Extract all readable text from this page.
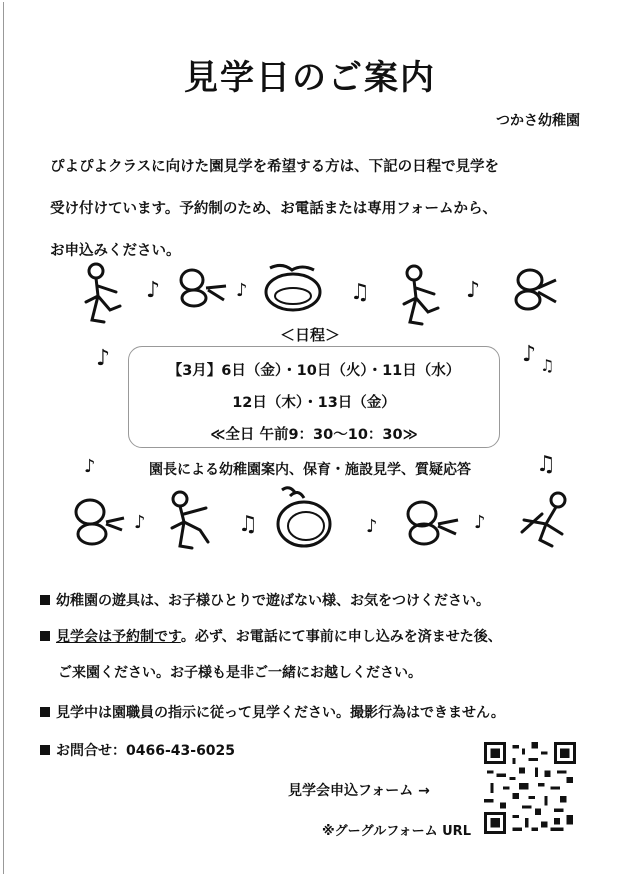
見学日のご案内
つかさ幼稚園
ぴよぴよクラスに向けた園見学を希望する方は、下記の日程で見学を
受け付けています。予約制のため、お電話または専用フォームから、
お申込みください。
♪	♪	♫	♪
＜日程＞
♪	♪ ♫
【3月】6日（金）・10日（火）・11日（水）
12日（木）・13日（金）
≪全日 午前9：30～10：30≫
♪	園長による幼稚園案内、保育・施設見学、質疑応答	♫
♪	♫	♪	♪
幼稚園の遊具は、お子様ひとりで遊ばない様、お気をつけください。
見学会は予約制です。必ず、お電話にて事前に申し込みを済ませた後、
ご来園ください。お子様も是非ご一緒にお越しください。
見学中は園職員の指示に従って見学ください。撮影行為はできません。
お問合せ：0466-43-6025
見学会申込フォーム →
※グーグルフォーム URL
